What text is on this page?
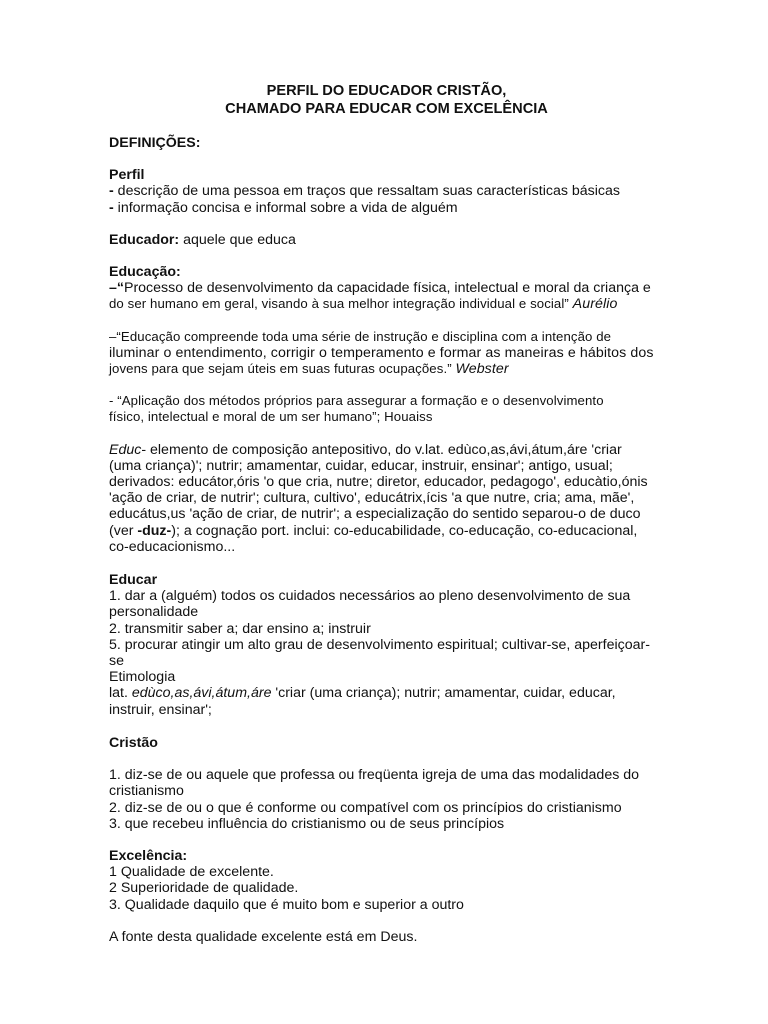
PERFIL DO EDUCADOR CRISTÃO,
CHAMADO PARA EDUCAR COM EXCELÊNCIA
DEFINIÇÕES:
Perfil
- descrição de uma pessoa em traços que ressaltam suas características básicas
- informação concisa e informal sobre a vida de alguém
Educador: aquele que educa
Educação:
–“Processo de desenvolvimento da capacidade física, intelectual e moral da criança e
do ser humano em geral, visando à sua melhor integração individual e social” Aurélio
–“Educação compreende toda uma série de instrução e disciplina com a intenção de
iluminar o entendimento, corrigir o temperamento e formar as maneiras e hábitos dos
jovens para que sejam úteis em suas futuras ocupações.” Webster
- “Aplicação dos métodos próprios para assegurar a formação e o desenvolvimento
físico, intelectual e moral de um ser humano”; Houaiss
Educ- elemento de composição antepositivo, do v.lat. edùco,as,ávi,átum,áre 'criar
(uma criança)'; nutrir; amamentar, cuidar, educar, instruir, ensinar'; antigo, usual;
derivados: educátor,óris 'o que cria, nutre; diretor, educador, pedagogo', educàtio,ónis
'ação de criar, de nutrir'; cultura, cultivo', educátrix,ícis 'a que nutre, cria; ama, mãe',
educátus,us 'ação de criar, de nutrir'; a especialização do sentido separou-o de duco
(ver -duz-); a cognação port. inclui: co-educabilidade, co-educação, co-educacional,
co-educacionismo...
Educar
1. dar a (alguém) todos os cuidados necessários ao pleno desenvolvimento de sua
personalidade
2. transmitir saber a; dar ensino a; instruir
5. procurar atingir um alto grau de desenvolvimento espiritual; cultivar-se, aperfeiçoar-
se
Etimologia
lat. edùco,as,ávi,átum,áre 'criar (uma criança); nutrir; amamentar, cuidar, educar,
instruir, ensinar';
Cristão
1. diz-se de ou aquele que professa ou freqüenta igreja de uma das modalidades do
cristianismo
2. diz-se de ou o que é conforme ou compatível com os princípios do cristianismo
3. que recebeu influência do cristianismo ou de seus princípios
Excelência:
1 Qualidade de excelente.
2 Superioridade de qualidade.
3. Qualidade daquilo que é muito bom e superior a outro
A fonte desta qualidade excelente está em Deus.
